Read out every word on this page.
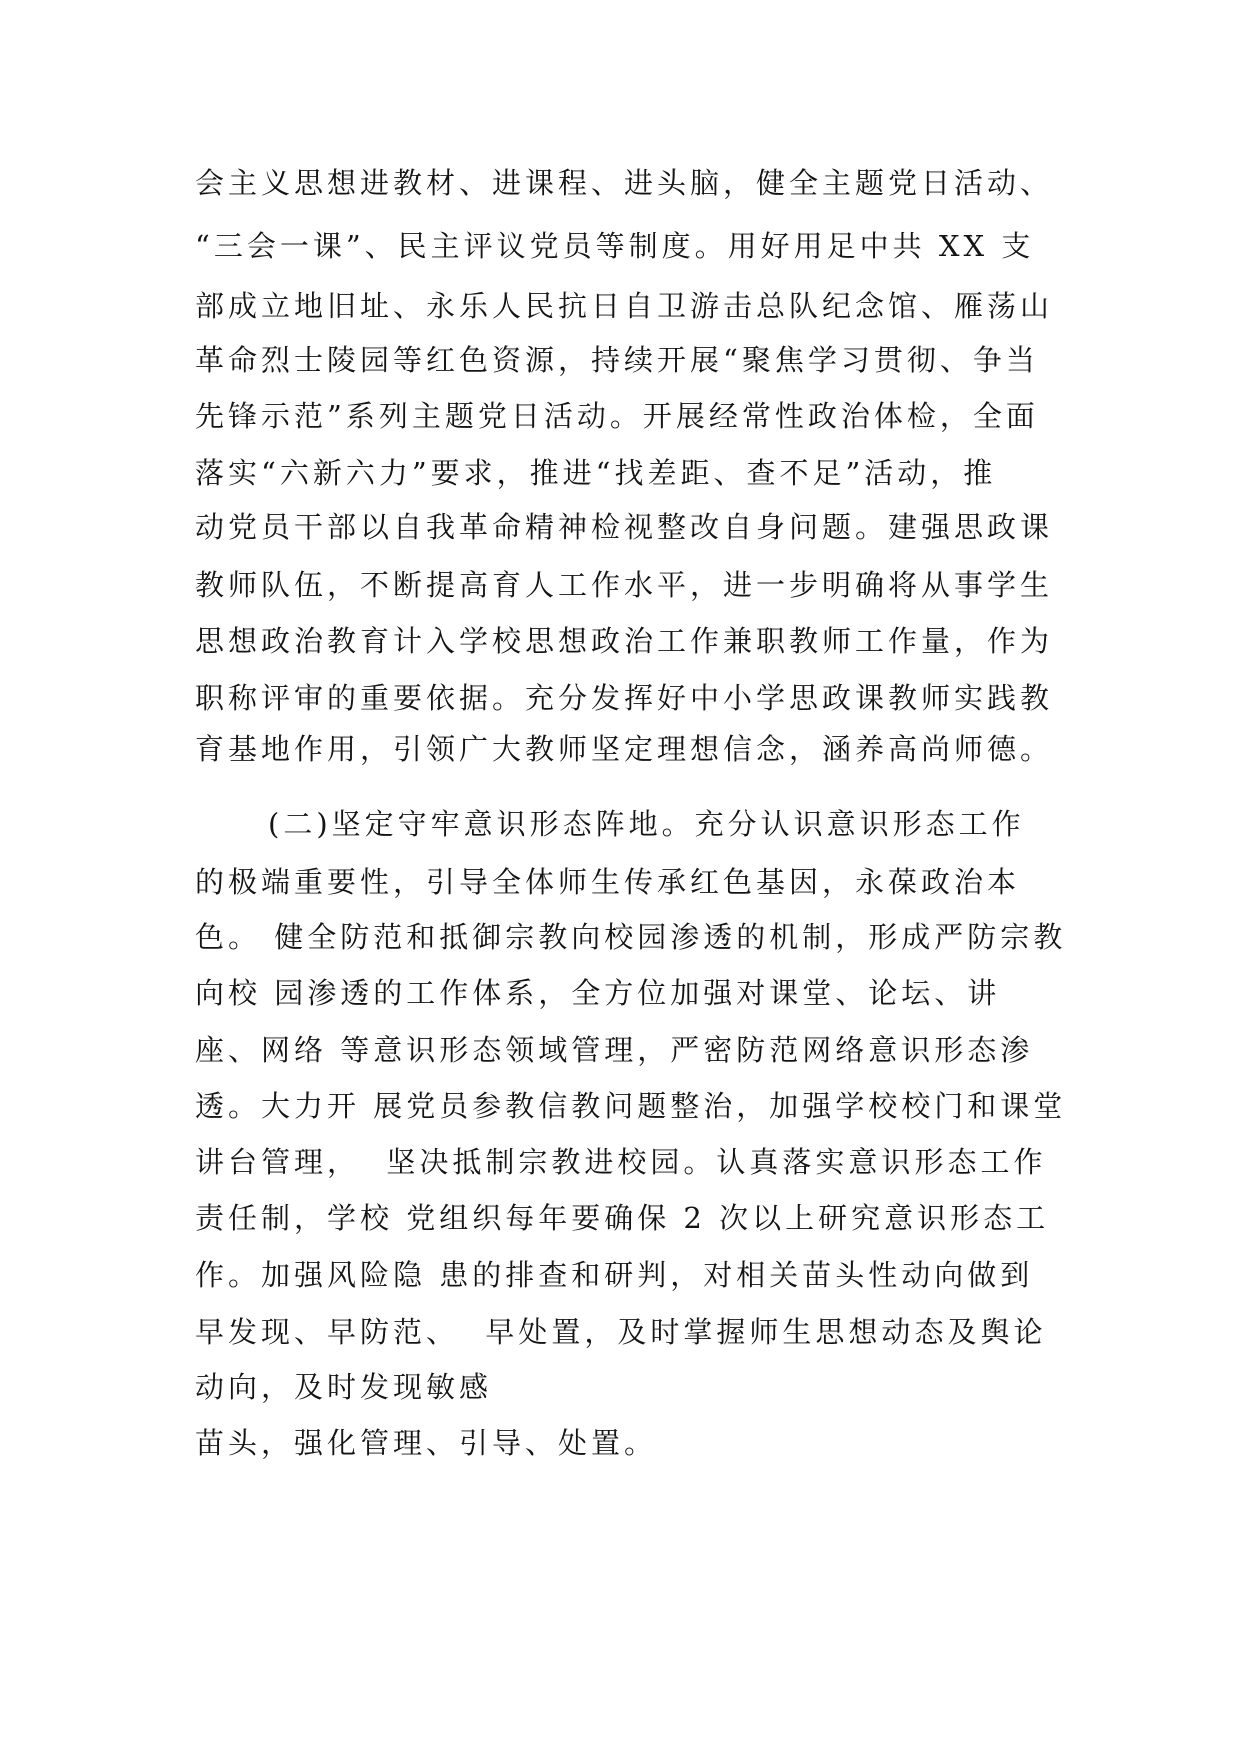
会主义思想进教材、进课程、进头脑，健全主题党日活动、
“三会一课”、民主评议党员等制度。用好用足中共 XX 支
部成立地旧址、永乐人民抗日自卫游击总队纪念馆、雁荡山
革命烈士陵园等红色资源，持续开展“聚焦学习贯彻、争当
先锋示范”系列主题党日活动。开展经常性政治体检，全面
落实“六新六力”要求，推进“找差距、查不足”活动，推
动党员干部以自我革命精神检视整改自身问题。建强思政课
教师队伍，不断提高育人工作水平，进一步明确将从事学生
思想政治教育计入学校思想政治工作兼职教师工作量，作为
职称评审的重要依据。充分发挥好中小学思政课教师实践教
育基地作用，引领广大教师坚定理想信念，涵养高尚师德。
(二)坚定守牢意识形态阵地。充分认识意识形态工作
的极端重要性，引导全体师生传承红色基因，永葆政治本
色。 健全防范和抵御宗教向校园渗透的机制，形成严防宗教
向校 园渗透的工作体系，全方位加强对课堂、论坛、讲
座、网络 等意识形态领域管理，严密防范网络意识形态渗
透。大力开 展党员参教信教问题整治，加强学校校门和课堂
讲台管理，  坚决抵制宗教进校园。认真落实意识形态工作
责任制，学校 党组织每年要确保 2 次以上研究意识形态工
作。加强风险隐 患的排查和研判，对相关苗头性动向做到
早发现、早防范、  早处置，及时掌握师生思想动态及舆论
动向，及时发现敏感
苗头，强化管理、引导、处置。
